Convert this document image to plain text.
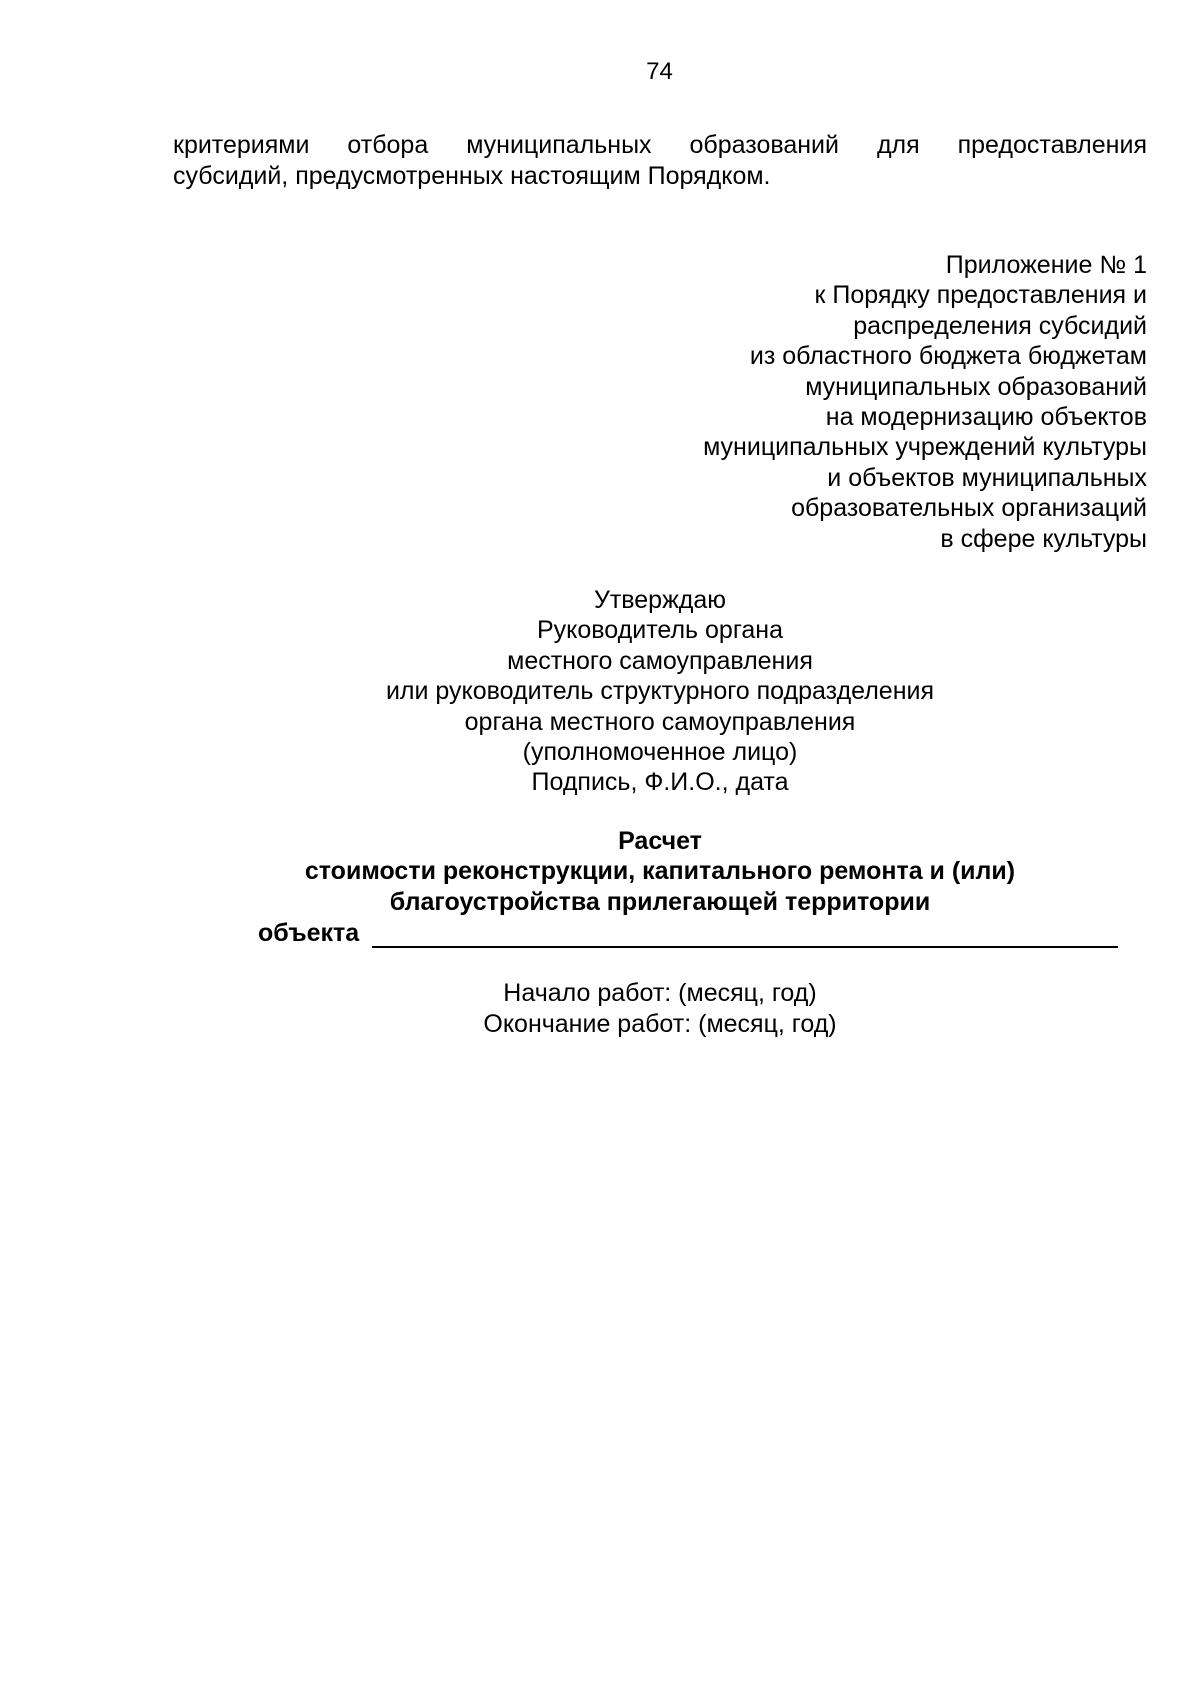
74
критериями отбора муниципальных образований для предоставления
субсидий, предусмотренных настоящим Порядком.
Приложение № 1
к Порядку предоставления и
распределения субсидий
из областного бюджета бюджетам
муниципальных образований
на модернизацию объектов
муниципальных учреждений культуры
и объектов муниципальных
образовательных организаций
в сфере культуры
Утверждаю
Руководитель органа
местного самоуправления
или руководитель структурного подразделения
органа местного самоуправления
(уполномоченное лицо)
Подпись, Ф.И.О., дата
Расчет
стоимости реконструкции, капитального ремонта и (или)
благоустройства прилегающей территории
объекта
Начало работ: (месяц, год)
Окончание работ: (месяц, год)
